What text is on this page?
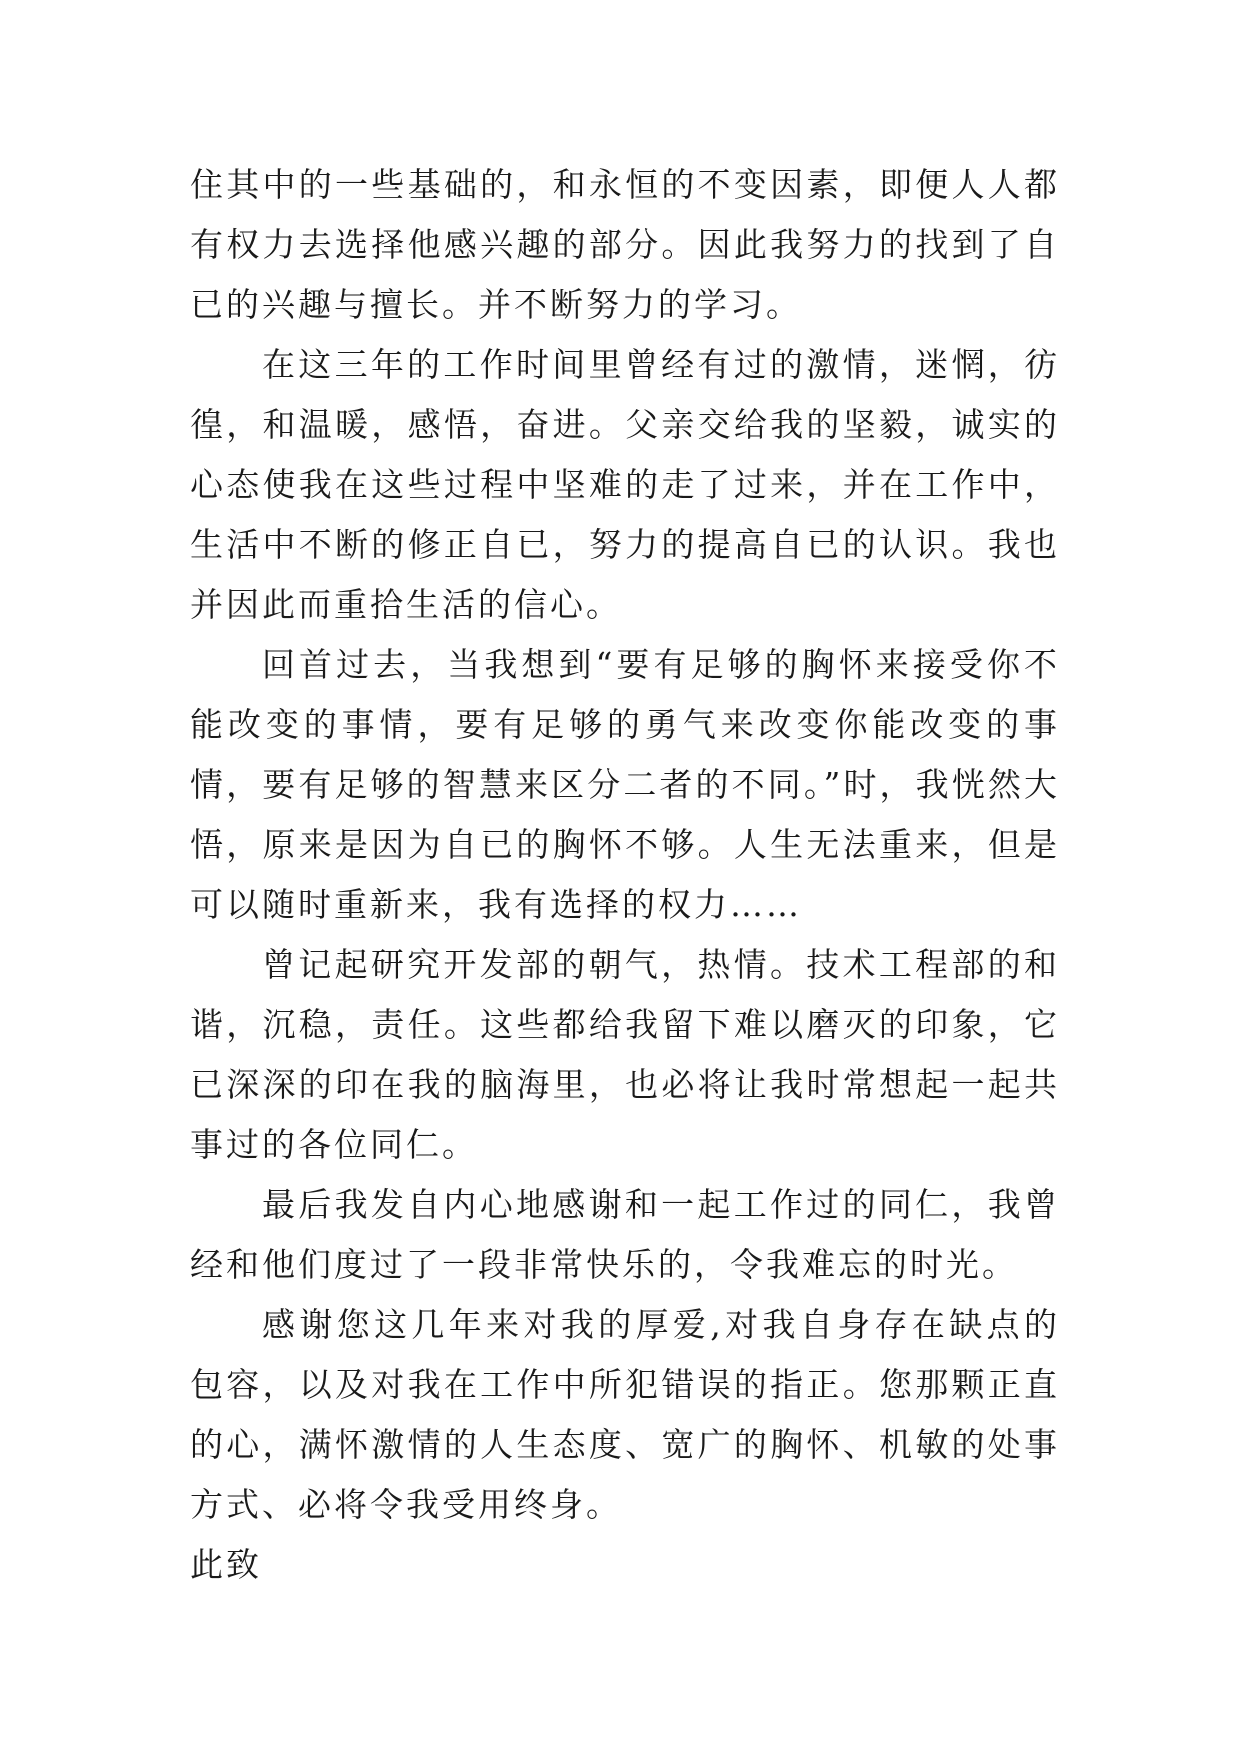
住其中的一些基础的，和永恒的不变因素，即便人人都有权力去选择他感兴趣的部分。因此我努力的找到了自已的兴趣与擅长。并不断努力的学习。

在这三年的工作时间里曾经有过的激情，迷惘，彷徨，和温暖，感悟，奋进。父亲交给我的坚毅，诚实的心态使我在这些过程中坚难的走了过来，并在工作中，生活中不断的修正自已，努力的提高自已的认识。我也并因此而重拾生活的信心。

回首过去，当我想到“要有足够的胸怀来接受你不能改变的事情，要有足够的勇气来改变你能改变的事情，要有足够的智慧来区分二者的不同。”时，我恍然大悟，原来是因为自已的胸怀不够。人生无法重来，但是可以随时重新来，我有选择的权力……

曾记起研究开发部的朝气，热情。技术工程部的和谐，沉稳，责任。这些都给我留下难以磨灭的印象，它已深深的印在我的脑海里，也必将让我时常想起一起共事过的各位同仁。

最后我发自内心地感谢和一起工作过的同仁，我曾经和他们度过了一段非常快乐的，令我难忘的时光。

感谢您这几年来对我的厚爱,对我自身存在缺点的包容，以及对我在工作中所犯错误的指正。您那颗正直的心，满怀激情的人生态度、宽广的胸怀、机敏的处事方式、必将令我受用终身。

此致
